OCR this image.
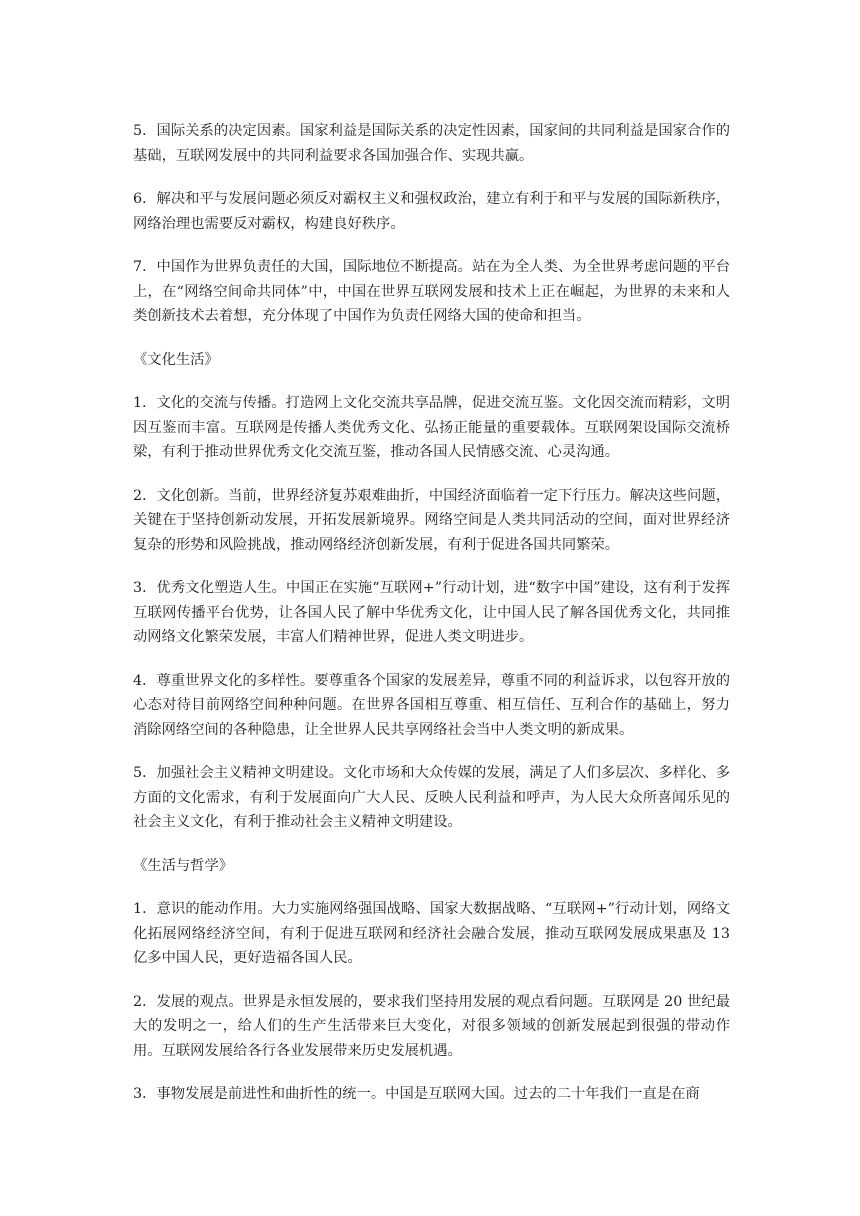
5．国际关系的决定因素。国家利益是国际关系的决定性因素，国家间的共同利益是国家合作的基础，互联网发展中的共同利益要求各国加强合作、实现共赢。

6．解决和平与发展问题必须反对霸权主义和强权政治，建立有利于和平与发展的国际新秩序，网络治理也需要反对霸权，构建良好秩序。

7．中国作为世界负责任的大国，国际地位不断提高。站在为全人类、为全世界考虑问题的平台上，在“网络空间命共同体”中，中国在世界互联网发展和技术上正在崛起，为世界的未来和人类创新技术去着想，充分体现了中国作为负责任网络大国的使命和担当。

《文化生活》

1．文化的交流与传播。打造网上文化交流共享品牌，促进交流互鉴。文化因交流而精彩，文明因互鉴而丰富。互联网是传播人类优秀文化、弘扬正能量的重要载体。互联网架设国际交流桥梁，有利于推动世界优秀文化交流互鉴，推动各国人民情感交流、心灵沟通。

2．文化创新。当前，世界经济复苏艰难曲折，中国经济面临着一定下行压力。解决这些问题，关键在于坚持创新动发展，开拓发展新境界。网络空间是人类共同活动的空间，面对世界经济复杂的形势和风险挑战，推动网络经济创新发展，有利于促进各国共同繁荣。

3．优秀文化塑造人生。中国正在实施“互联网+”行动计划，进“数字中国”建设，这有利于发挥互联网传播平台优势，让各国人民了解中华优秀文化，让中国人民了解各国优秀文化，共同推动网络文化繁荣发展，丰富人们精神世界，促进人类文明进步。

4．尊重世界文化的多样性。要尊重各个国家的发展差异，尊重不同的利益诉求，以包容开放的心态对待目前网络空间种种问题。在世界各国相互尊重、相互信任、互利合作的基础上，努力消除网络空间的各种隐患，让全世界人民共享网络社会当中人类文明的新成果。

5．加强社会主义精神文明建设。文化市场和大众传媒的发展，满足了人们多层次、多样化、多方面的文化需求，有利于发展面向广大人民、反映人民利益和呼声，为人民大众所喜闻乐见的社会主义文化，有利于推动社会主义精神文明建设。

《生活与哲学》

1．意识的能动作用。大力实施网络强国战略、国家大数据战略、“互联网+”行动计划，网络文化拓展网络经济空间，有利于促进互联网和经济社会融合发展，推动互联网发展成果惠及 13 亿多中国人民，更好造福各国人民。

2．发展的观点。世界是永恒发展的，要求我们坚持用发展的观点看问题。互联网是 20 世纪最大的发明之一，给人们的生产生活带来巨大变化，对很多领域的创新发展起到很强的带动作用。互联网发展给各行各业发展带来历史发展机遇。

3．事物发展是前进性和曲折性的统一。中国是互联网大国。过去的二十年我们一直是在商
